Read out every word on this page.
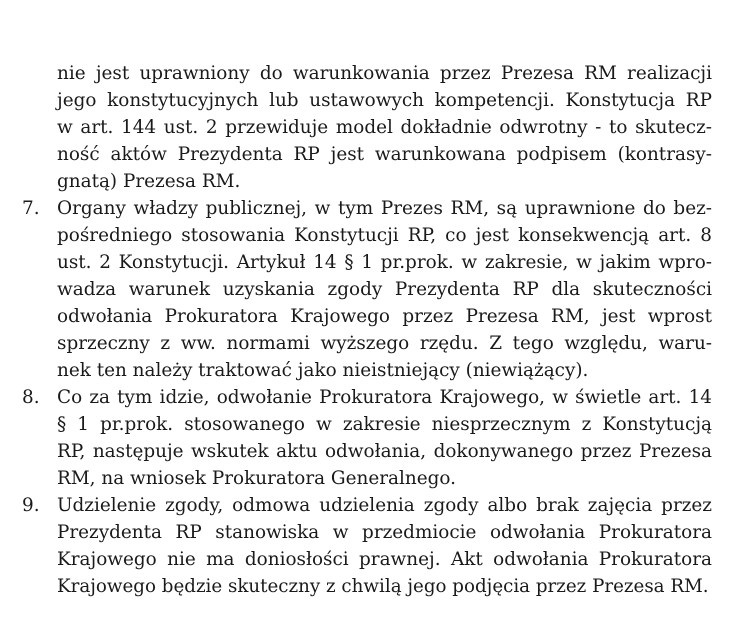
nie jest uprawniony do warunkowania przez Prezesa RM realizacji
jego konstytucyjnych lub ustawowych kompetencji. Konstytucja RP
w art. 144 ust. 2 przewiduje model dokładnie odwrotny - to skutecz-
ność aktów Prezydenta RP jest warunkowana podpisem (kontrasy-
gnatą) Prezesa RM.
7. Organy władzy publicznej, w tym Prezes RM, są uprawnione do bez-
pośredniego stosowania Konstytucji RP, co jest konsekwencją art. 8
ust. 2 Konstytucji. Artykuł 14 § 1 pr.prok. w zakresie, w jakim wpro-
wadza warunek uzyskania zgody Prezydenta RP dla skuteczności
odwołania Prokuratora Krajowego przez Prezesa RM, jest wprost
sprzeczny z ww. normami wyższego rzędu. Z tego względu, waru-
nek ten należy traktować jako nieistniejący (niewiążący).
8. Co za tym idzie, odwołanie Prokuratora Krajowego, w świetle art. 14
§ 1 pr.prok. stosowanego w zakresie niesprzecznym z Konstytucją
RP, następuje wskutek aktu odwołania, dokonywanego przez Prezesa
RM, na wniosek Prokuratora Generalnego.
9. Udzielenie zgody, odmowa udzielenia zgody albo brak zajęcia przez
Prezydenta RP stanowiska w przedmiocie odwołania Prokuratora
Krajowego nie ma doniosłości prawnej. Akt odwołania Prokuratora
Krajowego będzie skuteczny z chwilą jego podjęcia przez Prezesa RM.
